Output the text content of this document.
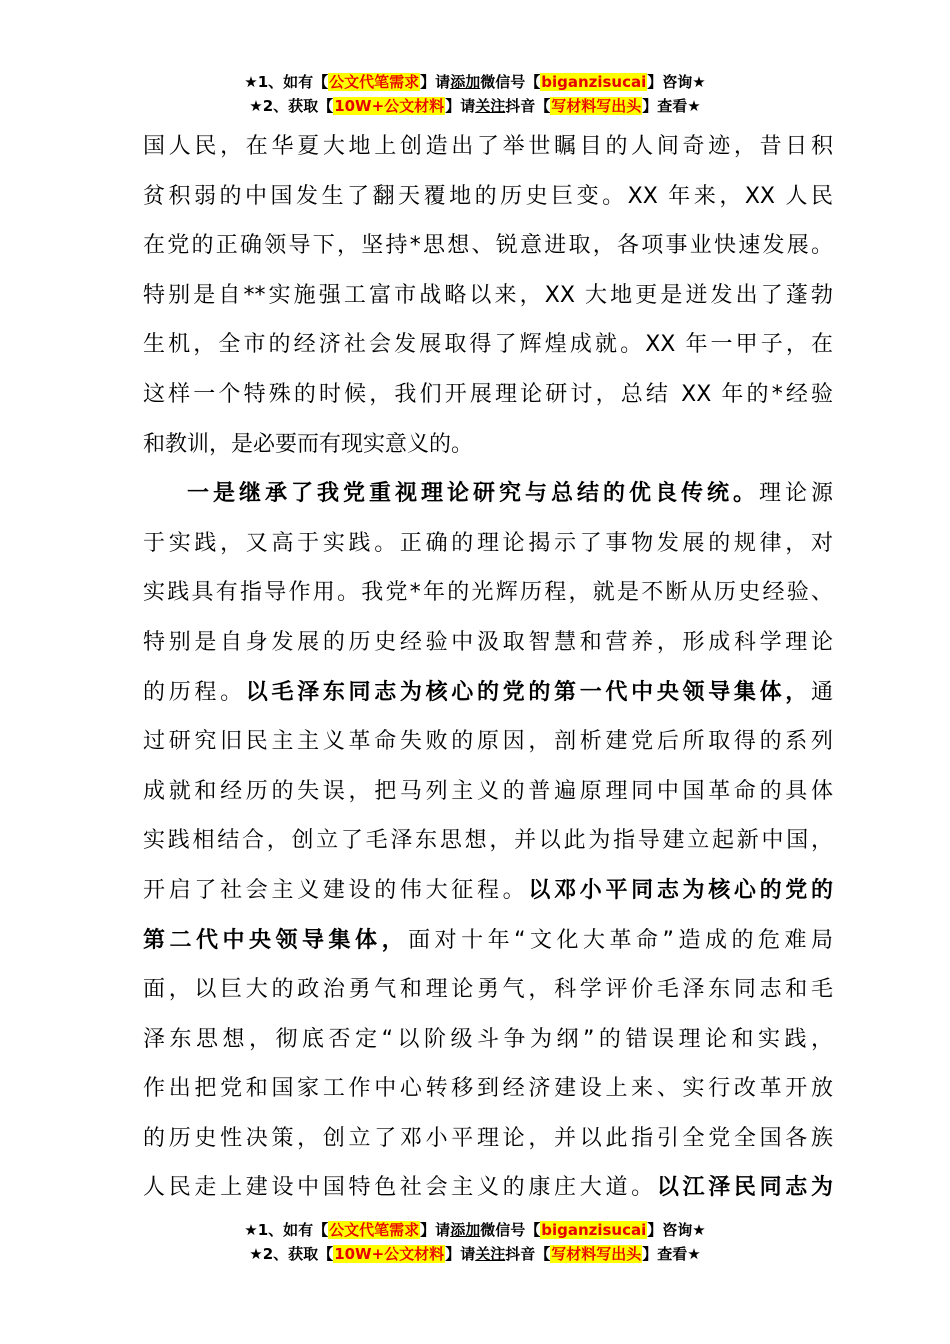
★1、如有【公文代笔需求】请添加微信号【biganzisucai】咨询★
★2、获取【10W+公文材料】请关注抖音【写材料写出头】查看★
国人民，在华夏大地上创造出了举世瞩目的人间奇迹，昔日积
贫积弱的中国发生了翻天覆地的历史巨变。XX 年来，XX 人民
在党的正确领导下，坚持*思想、锐意进取，各项事业快速发展。
特别是自**实施强工富市战略以来，XX 大地更是迸发出了蓬勃
生机，全市的经济社会发展取得了辉煌成就。XX 年一甲子，在
这样一个特殊的时候，我们开展理论研讨，总结 XX 年的*经验
和教训，是必要而有现实意义的。
一是继承了我党重视理论研究与总结的优良传统。理论源
于实践，又高于实践。正确的理论揭示了事物发展的规律，对
实践具有指导作用。我党*年的光辉历程，就是不断从历史经验、
特别是自身发展的历史经验中汲取智慧和营养，形成科学理论
的历程。以毛泽东同志为核心的党的第一代中央领导集体，通
过研究旧民主主义革命失败的原因，剖析建党后所取得的系列
成就和经历的失误，把马列主义的普遍原理同中国革命的具体
实践相结合，创立了毛泽东思想，并以此为指导建立起新中国，
开启了社会主义建设的伟大征程。以邓小平同志为核心的党的
第二代中央领导集体，面对十年“文化大革命”造成的危难局
面，以巨大的政治勇气和理论勇气，科学评价毛泽东同志和毛
泽东思想，彻底否定“以阶级斗争为纲”的错误理论和实践，
作出把党和国家工作中心转移到经济建设上来、实行改革开放
的历史性决策，创立了邓小平理论，并以此指引全党全国各族
人民走上建设中国特色社会主义的康庄大道。以江泽民同志为
★1、如有【公文代笔需求】请添加微信号【biganzisucai】咨询★
★2、获取【10W+公文材料】请关注抖音【写材料写出头】查看★
